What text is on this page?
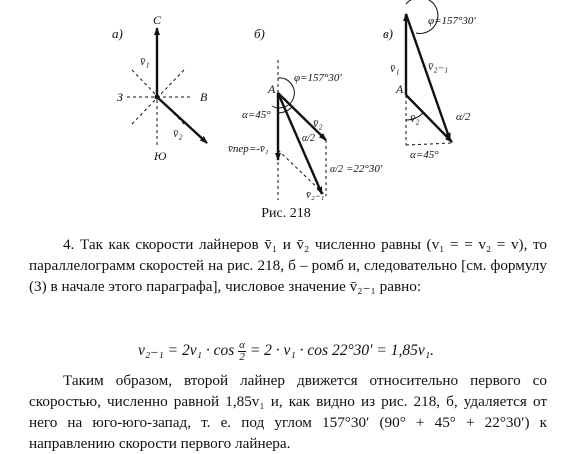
а)
С
Ю
З	В
v̄₁
v̄₂
б)
A
φ=157°30′
α=45°
v̄₂
v̄пер=-v̄₁
v̄₂₋₁
α/2
α/2 =22°30′
в)
A
φ=157°30′
α=45°
v̄₁ v̄₂₋₁
v̄₂	α/2
Рис. 218
4. Так как скорости лайнеров v̄₁ и v̄₂ численно равны (v₁ = = v₂ = v), то параллелограмм скоростей на рис. 218, б – ромб и, следовательно [см. формулу (3) в начале этого параграфа], числовое значение v̄₂₋₁ равно:
$v_{2-1} = 2v_1 \cdot \cos \frac{\alpha}{2} = 2 \cdot v_1 \cdot \cos 22^\circ 30' = 1,85v_1$.
Таким образом, второй лайнер движется относительно первого со скоростью, численно равной 1,85v₁ и, как видно из рис. 218, б, удаляется от него на юго-юго-запад, т. е. под углом 157°30′ (90° + 45° + 22°30′) к направлению скорости первого лайнера.
